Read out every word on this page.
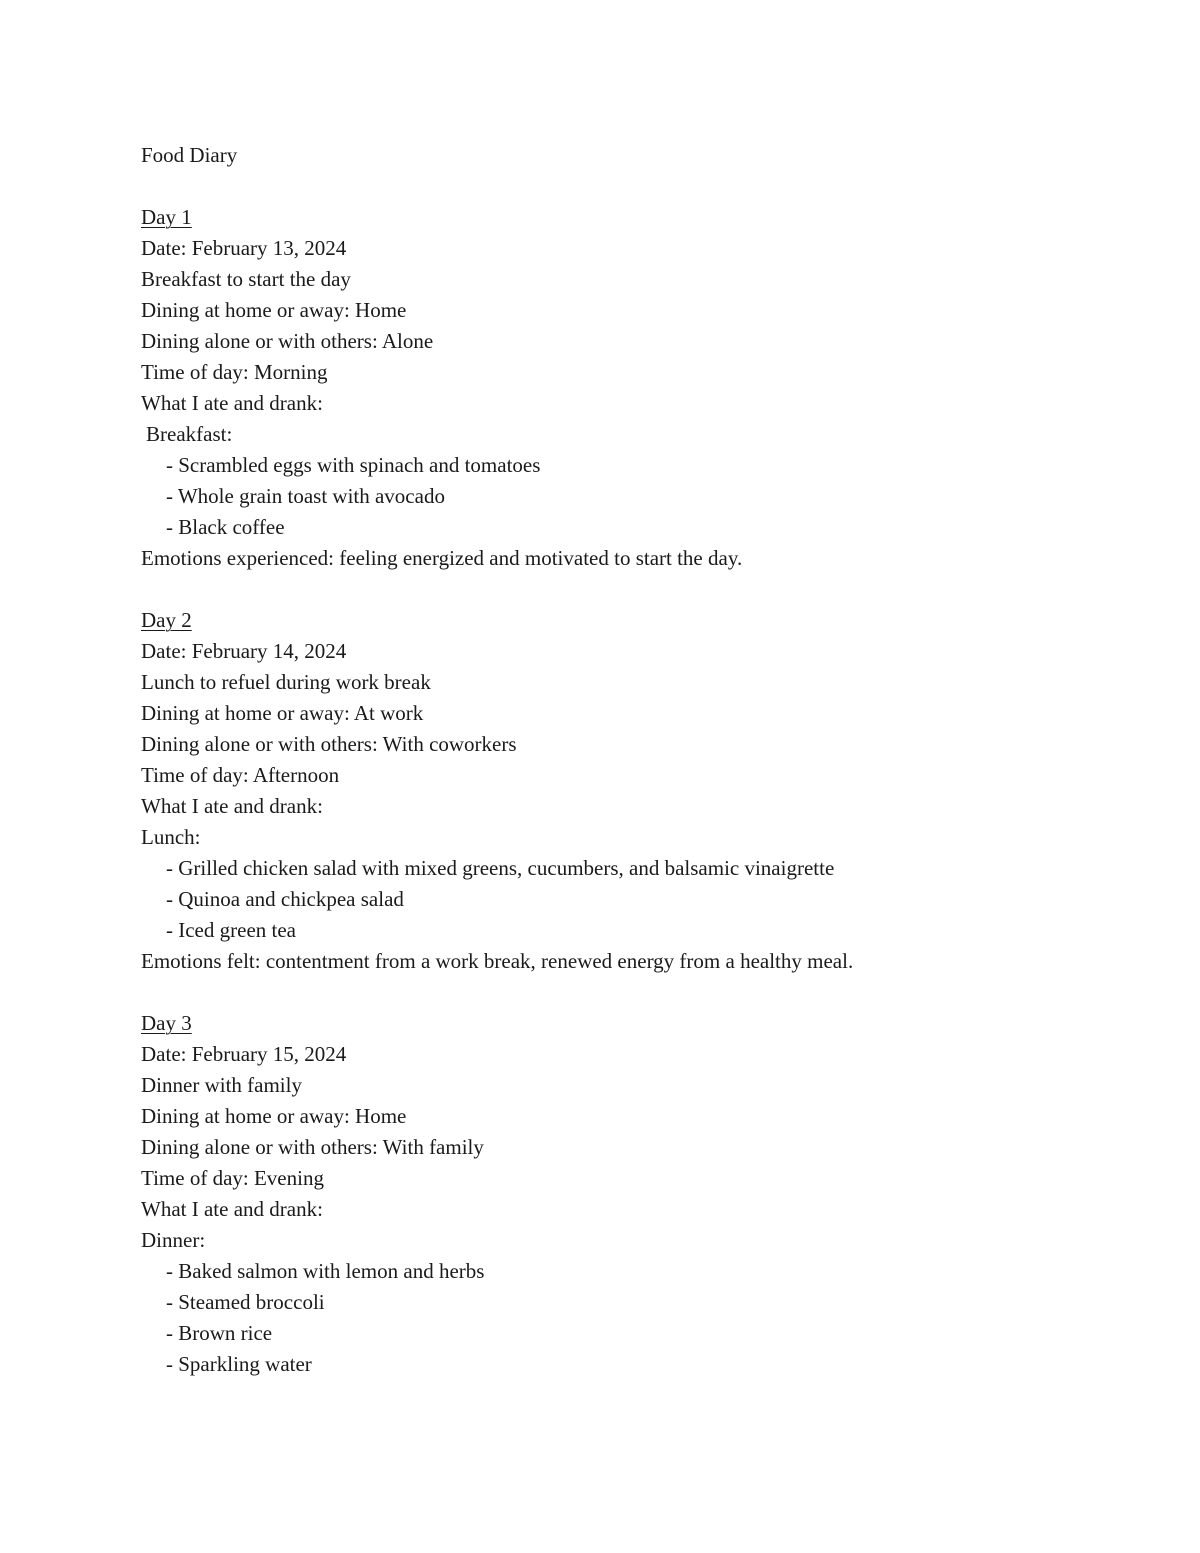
Food Diary
Day 1
Date: February 13, 2024
Breakfast to start the day
Dining at home or away: Home
Dining alone or with others: Alone
Time of day: Morning
What I ate and drank:
Breakfast:
- Scrambled eggs with spinach and tomatoes
- Whole grain toast with avocado
- Black coffee
Emotions experienced: feeling energized and motivated to start the day.
Day 2
Date: February 14, 2024
Lunch to refuel during work break
Dining at home or away: At work
Dining alone or with others: With coworkers
Time of day: Afternoon
What I ate and drank:
Lunch:
- Grilled chicken salad with mixed greens, cucumbers, and balsamic vinaigrette
- Quinoa and chickpea salad
- Iced green tea
Emotions felt: contentment from a work break, renewed energy from a healthy meal.
Day 3
Date: February 15, 2024
Dinner with family
Dining at home or away: Home
Dining alone or with others: With family
Time of day: Evening
What I ate and drank:
Dinner:
- Baked salmon with lemon and herbs
- Steamed broccoli
- Brown rice
- Sparkling water
